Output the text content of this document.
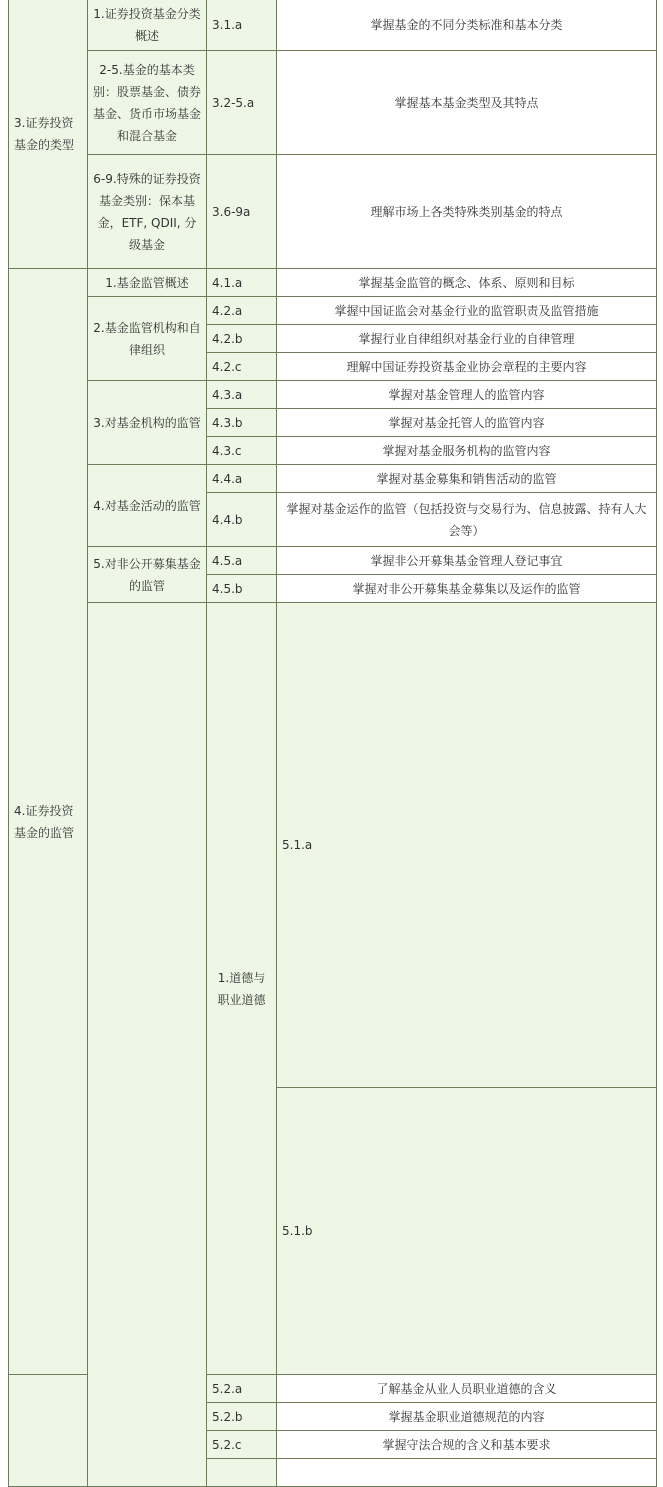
3.证券投资基金的类型	1.证券投资基金分类概述	3.1.a	掌握基金的不同分类标准和基本分类	
	2-5.基金的基本类别：股票基金、债券基金、货币市场基金和混合基金	3.2-5.a	掌握基本基金类型及其特点	
	6-9.特殊的证券投资基金类别：保本基金，ETF, QDII, 分级基金	3.6-9a	理解市场上各类特殊类别基金的特点	
4.证券投资基金的监管	1.基金监管概述	4.1.a	掌握基金监管的概念、体系、原则和目标	
	2.基金监管机构和自律组织	4.2.a	掌握中国证监会对基金行业的监管职责及监管措施	
		4.2.b	掌握行业自律组织对基金行业的自律管理	
		4.2.c	理解中国证券投资基金业协会章程的主要内容	
	3.对基金机构的监管	4.3.a	掌握对基金管理人的监管内容	
		4.3.b	掌握对基金托管人的监管内容	
		4.3.c	掌握对基金服务机构的监管内容	
	4.对基金活动的监管	4.4.a	掌握对基金募集和销售活动的监管	
		4.4.b	掌握对基金运作的监管（包括投资与交易行为、信息披露、持有人大会等）	
	5.对非公开募集基金的监管	4.5.a	掌握非公开募集基金管理人登记事宜	
		4.5.b	掌握对非公开募集基金募集以及运作的监管	
		1.道德与职业道德	5.1.a	
			5.1.b	
		5.2.a	了解基金从业人员职业道德的含义	
		5.2.b	掌握基金职业道德规范的内容	
		5.2.c	掌握守法合规的含义和基本要求	
